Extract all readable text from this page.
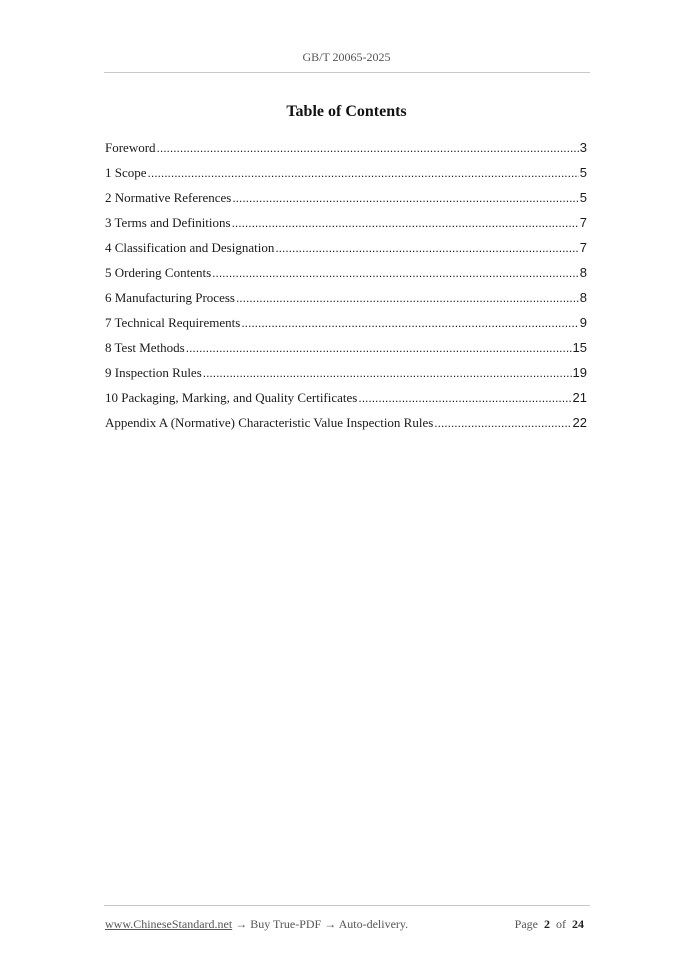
GB/T 20065-2025
Table of Contents
Foreword .....	3
1 Scope .....	5
2 Normative References .....	5
3 Terms and Definitions .....	7
4 Classification and Designation .....	7
5 Ordering Contents .....	8
6 Manufacturing Process .....	8
7 Technical Requirements .....	9
8 Test Methods .....	15
9 Inspection Rules .....	19
10 Packaging, Marking, and Quality Certificates .....	21
Appendix A (Normative) Characteristic Value Inspection Rules .....	22
www.ChineseStandard.net → Buy True-PDF → Auto-delivery.	Page 2 of 24
